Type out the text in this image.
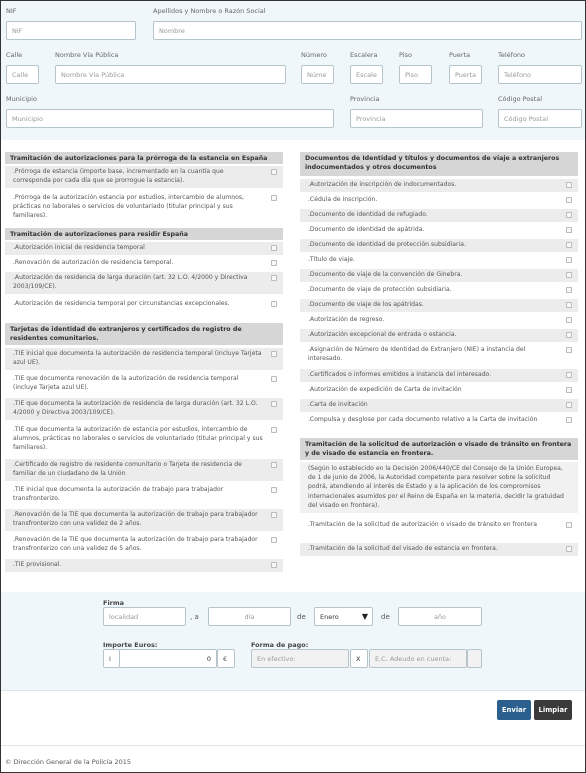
NIF
NIF
Apellidos y Nombre o Razón Social
Nombre
Calle
Calle
Nombre Vía Pública
Nombre Vía Pública
Número
Núme
Escalera
Escale
Piso
Piso
Puerta
Puerta
Teléfono
Teléfono
Municipio
Municipio
Provincia
Provincia
Código Postal
Código Postal
Tramitación de autorizaciones para la prórroga de la estancia en España
.Prórroga de estancia (importe base, incrementado en la cuantía que corresponda por cada día que se prorrogue la estancia).
.Prórroga de la autorización estancia por estudios, intercambio de alumnos, prácticas no laborales o servicios de voluntariado (titular principal y sus familiares).
Tramitación de autorizaciones para residir España
.Autorización inicial de residencia temporal
.Renovación de autorización de residencia temporal.
.Autorización de residencia de larga duración (art. 32 L.O. 4/2000 y Directiva 2003/109/CE).
.Autorización de residencia temporal por circunstancias excepcionales.
Tarjetas de identidad de extranjeros y certificados de registro de residentes comunitarios.
.TIE inicial que documenta la autorización de residencia temporal (incluye Tarjeta azul UE).
.TIE que documenta renovación de la autorización de residencia temporal (incluye Tarjeta azul UE).
.TIE que documenta la autorización de residencia de larga duración (art. 32 L.O. 4/2000 y Directiva 2003/109/CE).
.TIE que documenta la autorización de estancia por estudios, intercambio de alumnos, prácticas no laborales o servicios de voluntariado (titular principal y sus familiares).
.Certificado de registro de residente comunitario o Tarjeta de residencia de familiar de un ciudadano de la Unión
.TIE inicial que documenta la autorización de trabajo para trabajador transfronterizo.
.Renovación de la TIE que documenta la autorización de trabajo para trabajador transfronterizo con una validez de 2 años.
.Renovación de la TIE que documenta la autorización de trabajo para trabajador transfronterizo con una validez de 5 años.
.TIE provisional.
Documentos de Identidad y títulos y documentos de viaje a extranjeros indocumentados y otros documentos
.Autorización de inscripción de indocumentados.
.Cédula de inscripción.
.Documento de identidad de refugiado.
.Documento de identidad de apátrida.
.Documento de identidad de protección subsidiaria.
.Título de viaje.
.Documento de viaje de la convención de Ginebra.
.Documento de viaje de protección subsidiaria.
.Documento de viaje de los apátridas.
.Autorización de regreso.
.Autorización excepcional de entrada o estancia.
.Asignación de Número de Identidad de Extranjero (NIE) a instancia del interesado.
.Certificados o informes emitidos a instancia del interesado.
.Autorización de expedición de Carta de invitación
.Carta de invitación
.Compulsa y desglose por cada documento relativo a la Carta de invitación
Tramitación de la solicitud de autorización o visado de tránsito en frontera y de visado de estancia en frontera.
(Según lo establecido en la Decisión 2006/440/CE del Consejo de la Unión Europea, de 1 de junio de 2006, la Autoridad competente para resolver sobre la solicitud podrá, atendiendo al interés de Estado y a la aplicación de los compromisos internacionales asumidos por el Reino de España en la materia, decidir la gratuidad del visado en frontera).
.Tramitación de la solicitud de autorización o visado de tránsito en frontera
.Tramitación de la solicitud del visado de estancia en frontera.
Firma
localidad	, a	día	de	Enero	▼ de	año
Importe Euros:
I	0	€
Forma de pago:
En efectivo:	X	E.C. Adeudo en cuenta:
Enviar	Limpiar
© Dirección General de la Policía 2015
